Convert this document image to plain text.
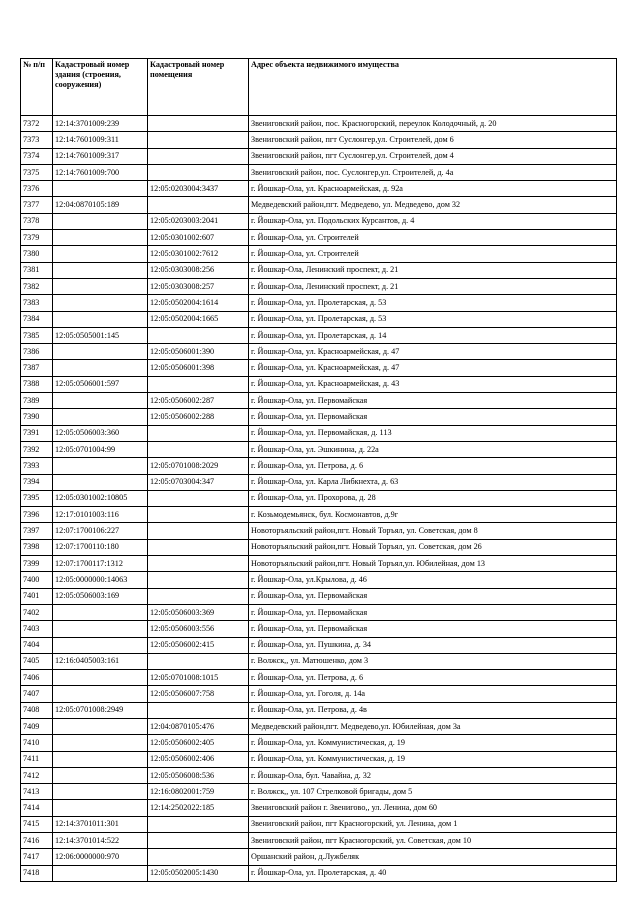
№ п/п	Кадастровый номер здания (строения, сооружения)	Кадастровый номер помещения	Адрес объекта недвижимого имущества
7372	12:14:3701009:239		Звениговский район, пос. Красногорский, переулок Колодочный, д. 20
7373	12:14:7601009:311		Звениговский район, пгт Суслонгер,ул. Строителей, дом 6
7374	12:14:7601009:317		Звениговский район, пгт Суслонгер,ул. Строителей, дом 4
7375	12:14:7601009:700		Звениговский район, пос. Суслонгер,ул. Строителей, д. 4а
7376		12:05:0203004:3437	г. Йошкар-Ола, ул. Красноармейская, д. 92а
7377	12:04:0870105:189		Медведевский район,пгт. Медведево, ул. Медведево, дом 32
7378		12:05:0203003:2041	г. Йошкар-Ола, ул. Подольских Курсантов, д. 4
7379		12:05:0301002:607	г. Йошкар-Ола, ул. Строителей
7380		12:05:0301002:7612	г. Йошкар-Ола, ул. Строителей
7381		12:05:0303008:256	г. Йошкар-Ола, Ленинский проспект, д. 21
7382		12:05:0303008:257	г. Йошкар-Ола, Ленинский проспект, д. 21
7383		12:05:0502004:1614	г. Йошкар-Ола, ул. Пролетарская, д. 53
7384		12:05:0502004:1665	г. Йошкар-Ола, ул. Пролетарская, д. 53
7385	12:05:0505001:145		г. Йошкар-Ола, ул. Пролетарская, д. 14
7386		12:05:0506001:390	г. Йошкар-Ола, ул. Красноармейская, д. 47
7387		12:05:0506001:398	г. Йошкар-Ола, ул. Красноармейская, д. 47
7388	12:05:0506001:597		г. Йошкар-Ола, ул. Красноармейская, д. 43
7389		12:05:0506002:287	г. Йошкар-Ола, ул. Первомайская
7390		12:05:0506002:288	г. Йошкар-Ола, ул. Первомайская
7391	12:05:0506003:360		г. Йошкар-Ола, ул. Первомайская, д. 113
7392	12:05:0701004:99		г. Йошкар-Ола, ул. Эшкинина, д. 22а
7393		12:05:0701008:2029	г. Йошкар-Ола, ул. Петрова, д. 6
7394		12:05:0703004:347	г. Йошкар-Ола, ул. Карла Либкнехта, д. 63
7395	12:05:0301002:10805		г. Йошкар-Ола, ул. Прохорова, д. 28
7396	12:17:0101003:116		г. Козьмодемьянск, бул. Космонавтов, д.9г
7397	12:07:1700106:227		Новоторъяльский район,пгт. Новый Торъял, ул. Советская, дом 8
7398	12:07:1700110:180		Новоторъяльский район,пгт. Новый Торъял, ул. Советская, дом 26
7399	12:07:1700117:1312		Новоторъяльский район,пгт. Новый Торъял,ул. Юбилейная, дом 13
7400	12:05:0000000:14063		г. Йошкар-Ола, ул.Крылова, д. 46
7401	12:05:0506003:169		г. Йошкар-Ола, ул. Первомайская
7402		12:05:0506003:369	г. Йошкар-Ола, ул. Первомайская
7403		12:05:0506003:556	г. Йошкар-Ола, ул. Первомайская
7404		12:05:0506002:415	г. Йошкар-Ола, ул. Пушкина, д. 34
7405	12:16:0405003:161		г. Волжск,, ул. Матюшенко, дом 3
7406		12:05:0701008:1015	г. Йошкар-Ола, ул. Петрова, д. 6
7407		12:05:0506007:758	г. Йошкар-Ола, ул. Гоголя, д. 14а
7408	12:05:0701008:2949		г. Йошкар-Ола, ул. Петрова, д. 4в
7409		12:04:0870105:476	Медведевский район,пгт. Медведево,ул. Юбилейная, дом 3а
7410		12:05:0506002:405	г. Йошкар-Ола, ул. Коммунистическая, д. 19
7411		12:05:0506002:406	г. Йошкар-Ола, ул. Коммунистическая, д. 19
7412		12:05:0506008:536	г. Йошкар-Ола, бул. Чавайна, д. 32
7413		12:16:0802001:759	г. Волжск,, ул. 107 Стрелковой бригады, дом 5
7414		12:14:2502022:185	Звениговский район г. Звенигово,, ул. Ленина, дом 60
7415	12:14:3701011:301		Звениговский район, пгт Красногорский, ул. Ленина, дом 1
7416	12:14:3701014:522		Звениговский район, пгт Красногорский, ул. Советская, дом 10
7417	12:06:0000000:970		Оршанский район, д.Лужбеляк
7418		12:05:0502005:1430	г. Йошкар-Ола, ул. Пролетарская, д. 40
